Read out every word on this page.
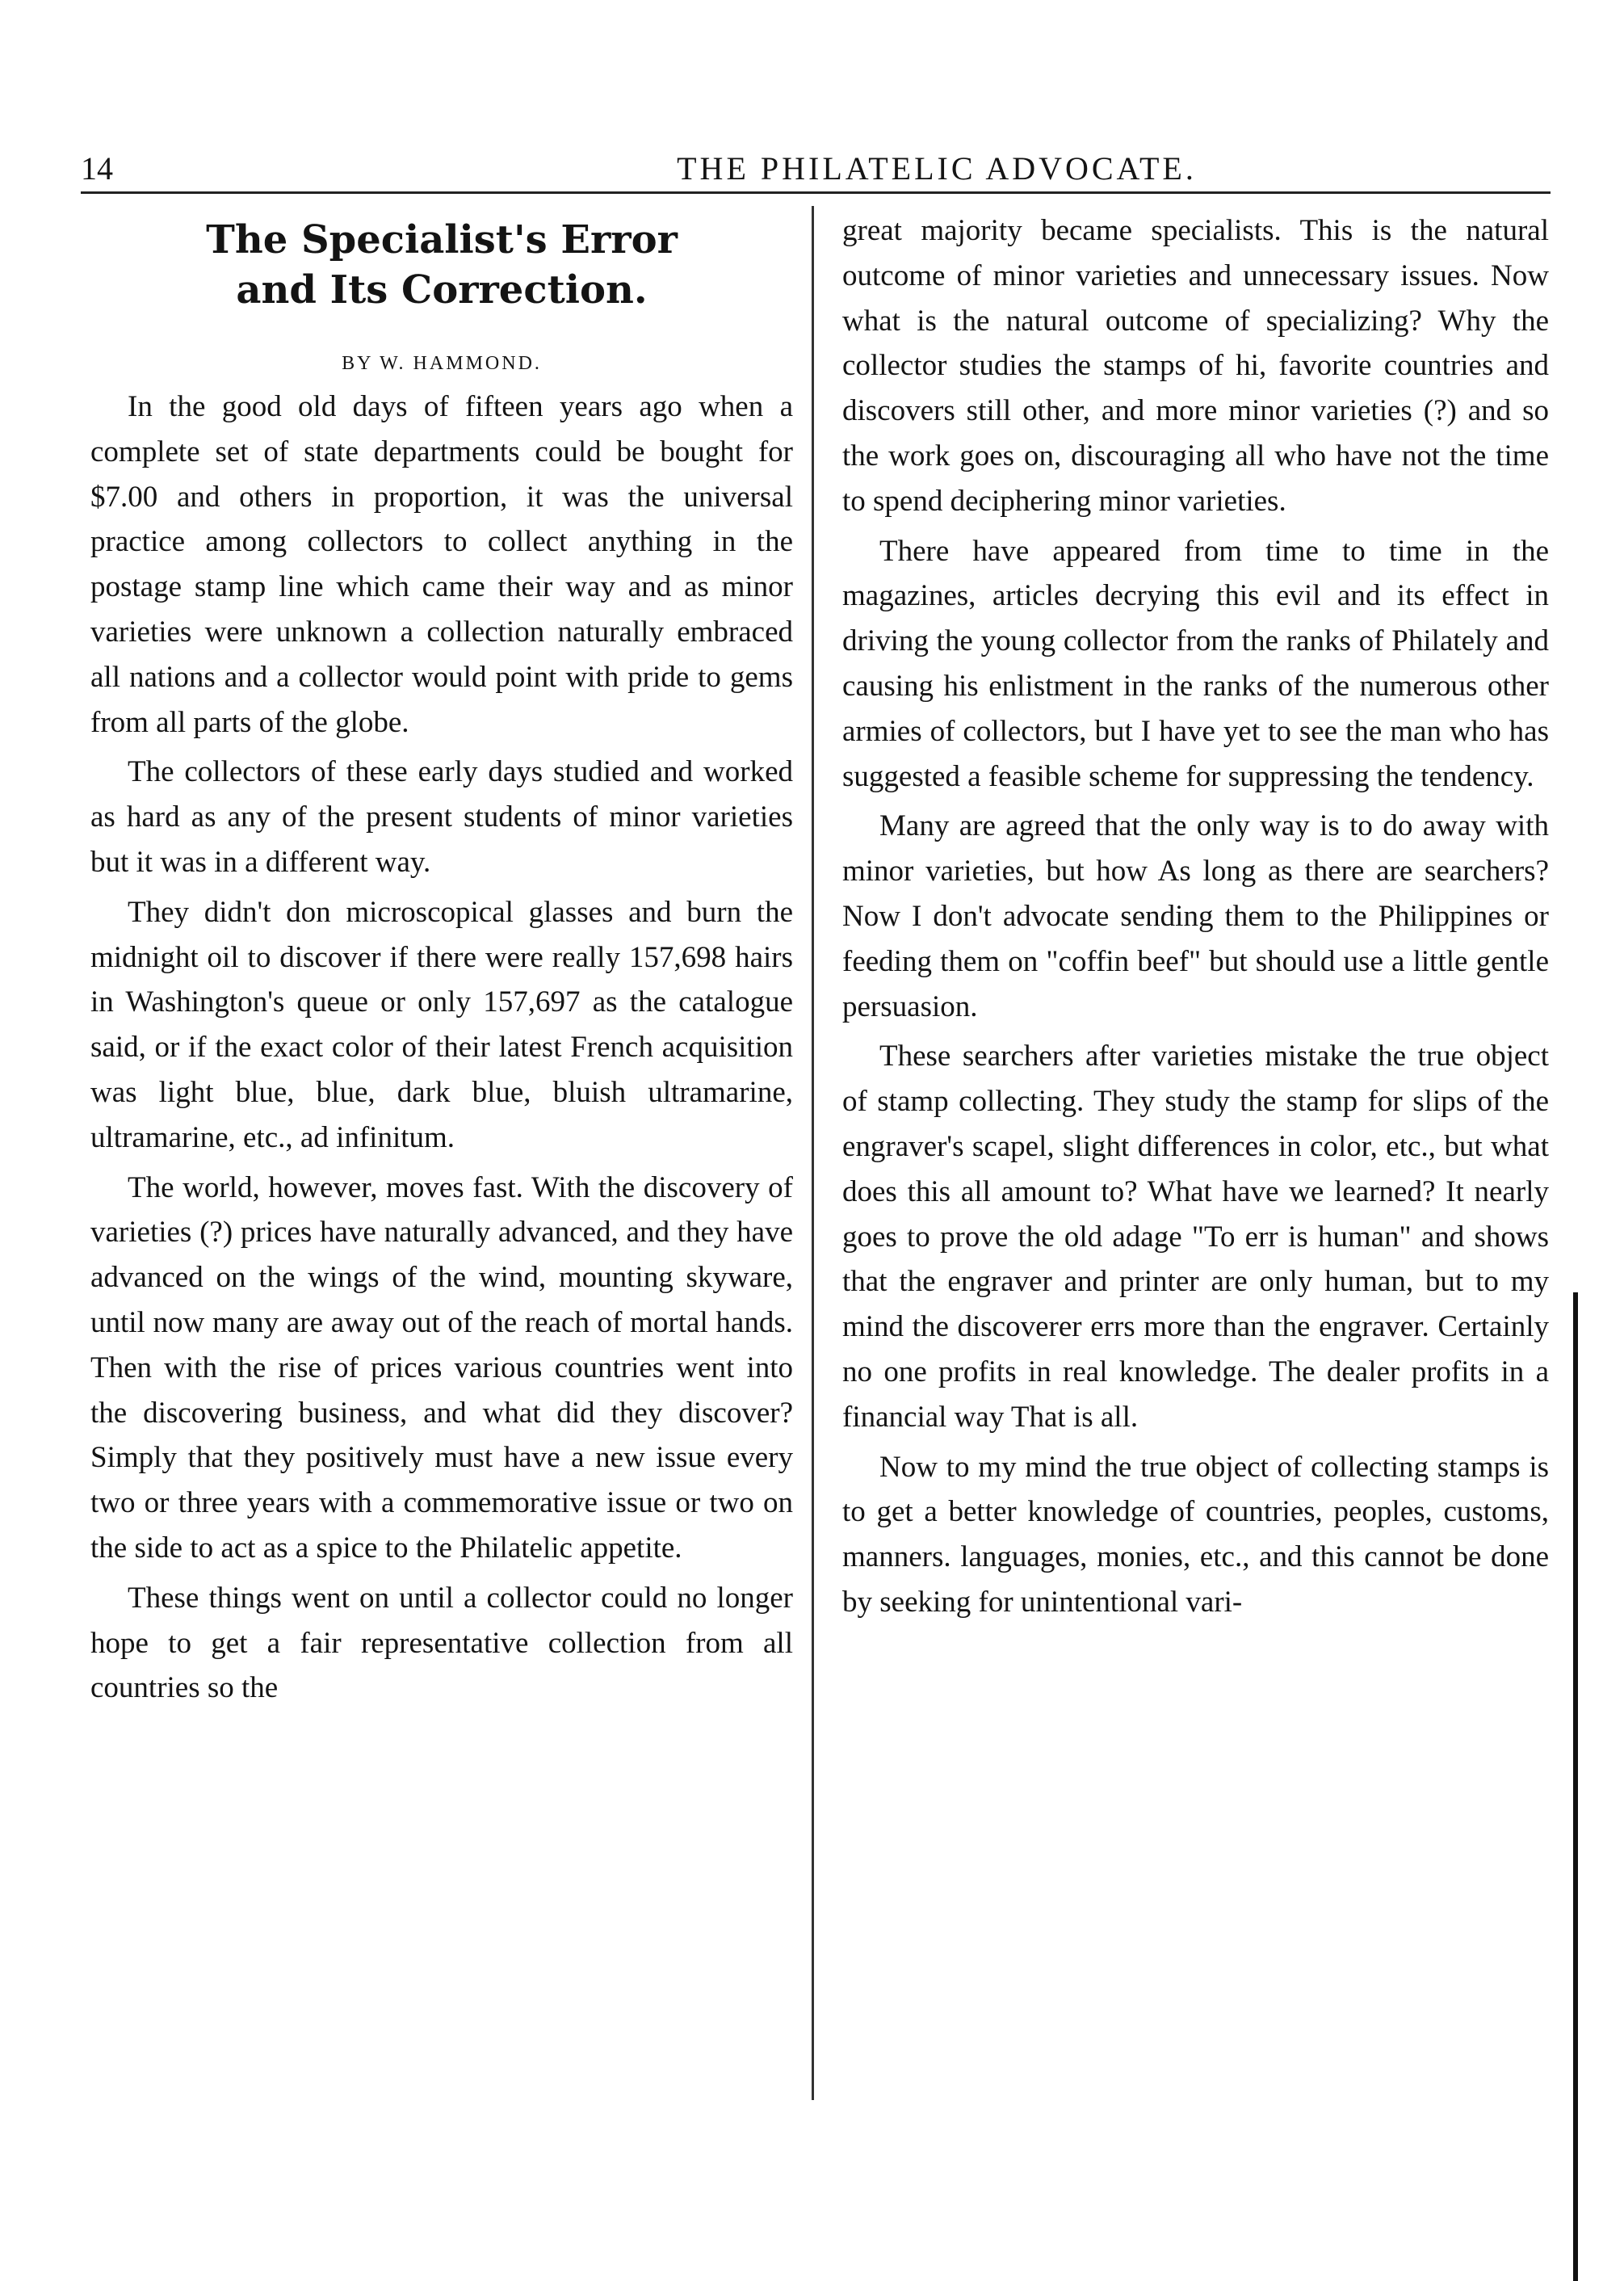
14	THE PHILATELIC ADVOCATE.
The Specialist's Error
and Its Correction.
BY W. HAMMOND.

In the good old days of fifteen years ago when a complete set of state departments could be bought for $7.00 and others in proportion, it was the universal practice among collectors to collect anything in the postage stamp line which came their way and as minor varieties were unknown a collection naturally embraced all nations and a collector would point with pride to gems from all parts of the globe.

The collectors of these early days studied and worked as hard as any of the present students of minor varieties but it was in a different way.

They didn't don microscopical glasses and burn the midnight oil to discover if there were really 157,698 hairs in Washington's queue or only 157,697 as the catalogue said, or if the exact color of their latest French acquisition was light blue, blue, dark blue, bluish ultramarine, ultramarine, etc., ad infinitum.

The world, however, moves fast. With the discovery of varieties (?) prices have naturally advanced, and they have advanced on the wings of the wind, mounting skyware, until now many are away out of the reach of mortal hands. Then with the rise of prices various countries went into the discovering business, and what did they discover? Simply that they positively must have a new issue every two or three years with a commemorative issue or two on the side to act as a spice to the Philatelic appetite.

These things went on until a collector could no longer hope to get a fair representative collection from all countries so the

great majority became specialists. This is the natural outcome of minor varieties and unnecessary issues. Now what is the natural outcome of specializing? Why the collector studies the stamps of hi, favorite countries and discovers still other, and more minor varieties (?) and so the work goes on, discouraging all who have not the time to spend deciphering minor varieties.

There have appeared from time to time in the magazines, articles decrying this evil and its effect in driving the young collector from the ranks of Philately and causing his enlistment in the ranks of the numerous other armies of collectors, but I have yet to see the man who has suggested a feasible scheme for suppressing the tendency.

Many are agreed that the only way is to do away with minor varieties, but how As long as there are searchers? Now I don't advocate sending them to the Philippines or feeding them on "coffin beef" but should use a little gentle persuasion.

These searchers after varieties mistake the true object of stamp collecting. They study the stamp for slips of the engraver's scapel, slight differences in color, etc., but what does this all amount to? What have we learned? It nearly goes to prove the old adage "To err is human" and shows that the engraver and printer are only human, but to my mind the discoverer errs more than the engraver. Certainly no one profits in real knowledge. The dealer profits in a financial way That is all.

Now to my mind the true object of collecting stamps is to get a better knowledge of countries, peoples, customs, manners. languages, monies, etc., and this cannot be done by seeking for unintentional vari-
